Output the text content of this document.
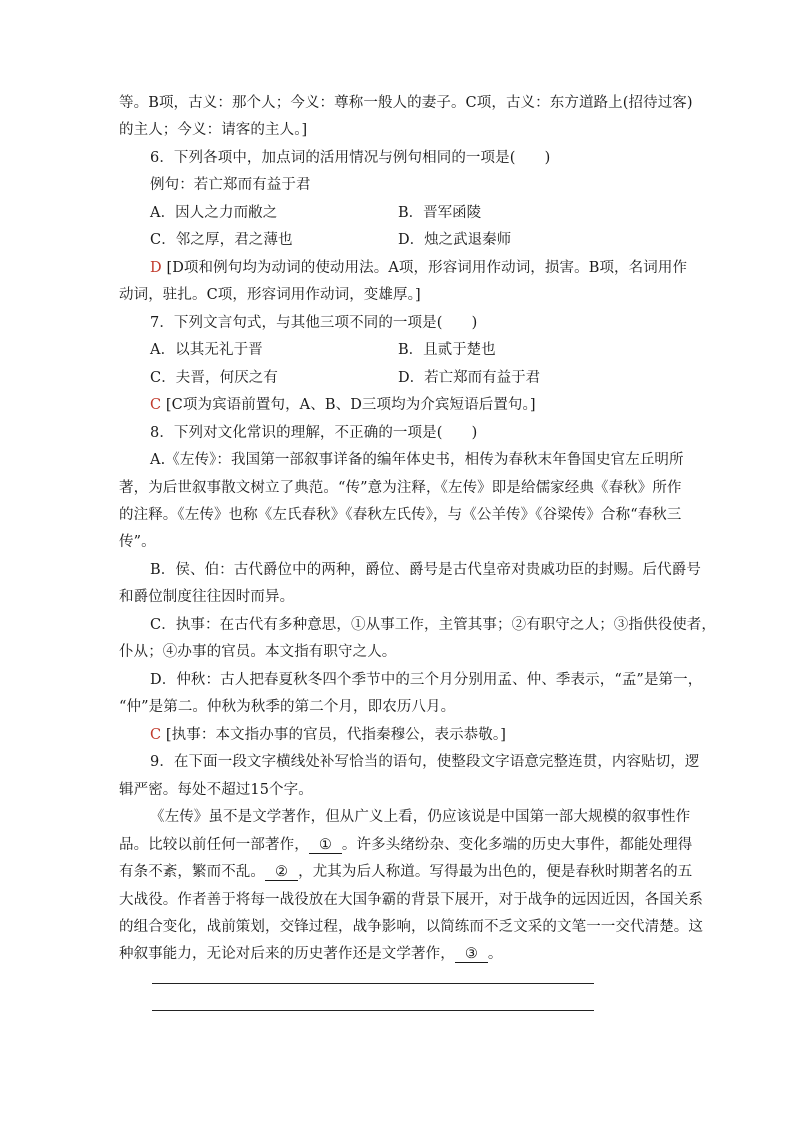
等。B项，古义：那个人；今义：尊称一般人的妻子。C项，古义：东方道路上(招待过客)
的主人；今义：请客的主人。]
6．下列各项中，加点词的活用情况与例句相同的一项是(　　)
例句：若亡郑而有益于君
A．因人之力而敝之	B．晋军函陵
C．邻之厚，君之薄也	D．烛之武退秦师
D [D项和例句均为动词的使动用法。A项，形容词用作动词，损害。B项，名词用作
动词，驻扎。C项，形容词用作动词，变雄厚。]
7．下列文言句式，与其他三项不同的一项是(　　)
A．以其无礼于晋	B．且贰于楚也
C．夫晋，何厌之有	D．若亡郑而有益于君
C [C项为宾语前置句，A、B、D三项均为介宾短语后置句。]
8．下列对文化常识的理解，不正确的一项是(　　)
A.《左传》：我国第一部叙事详备的编年体史书，相传为春秋末年鲁国史官左丘明所
著，为后世叙事散文树立了典范。“传”意为注释，《左传》即是给儒家经典《春秋》所作
的注释。《左传》也称《左氏春秋》《春秋左氏传》，与《公羊传》《谷梁传》合称“春秋三
传”。
B．侯、伯：古代爵位中的两种，爵位、爵号是古代皇帝对贵戚功臣的封赐。后代爵号
和爵位制度往往因时而异。
C．执事：在古代有多种意思，①从事工作，主管其事；②有职守之人；③指供役使者，
仆从；④办事的官员。本文指有职守之人。
D．仲秋：古人把春夏秋冬四个季节中的三个月分别用孟、仲、季表示，“孟”是第一，
“仲”是第二。仲秋为秋季的第二个月，即农历八月。
C [执事：本文指办事的官员，代指秦穆公，表示恭敬。]
9．在下面一段文字横线处补写恰当的语句，使整段文字语意完整连贯，内容贴切，逻
辑严密。每处不超过15个字。
《左传》虽不是文学著作，但从广义上看，仍应该说是中国第一部大规模的叙事性作
品。比较以前任何一部著作， ① 。许多头绪纷杂、变化多端的历史大事件，都能处理得
有条不紊，繁而不乱。 ② ，尤其为后人称道。写得最为出色的，便是春秋时期著名的五
大战役。作者善于将每一战役放在大国争霸的背景下展开，对于战争的远因近因，各国关系
的组合变化，战前策划，交锋过程，战争影响，以简练而不乏文采的文笔一一交代清楚。这
种叙事能力，无论对后来的历史著作还是文学著作， ③ 。
